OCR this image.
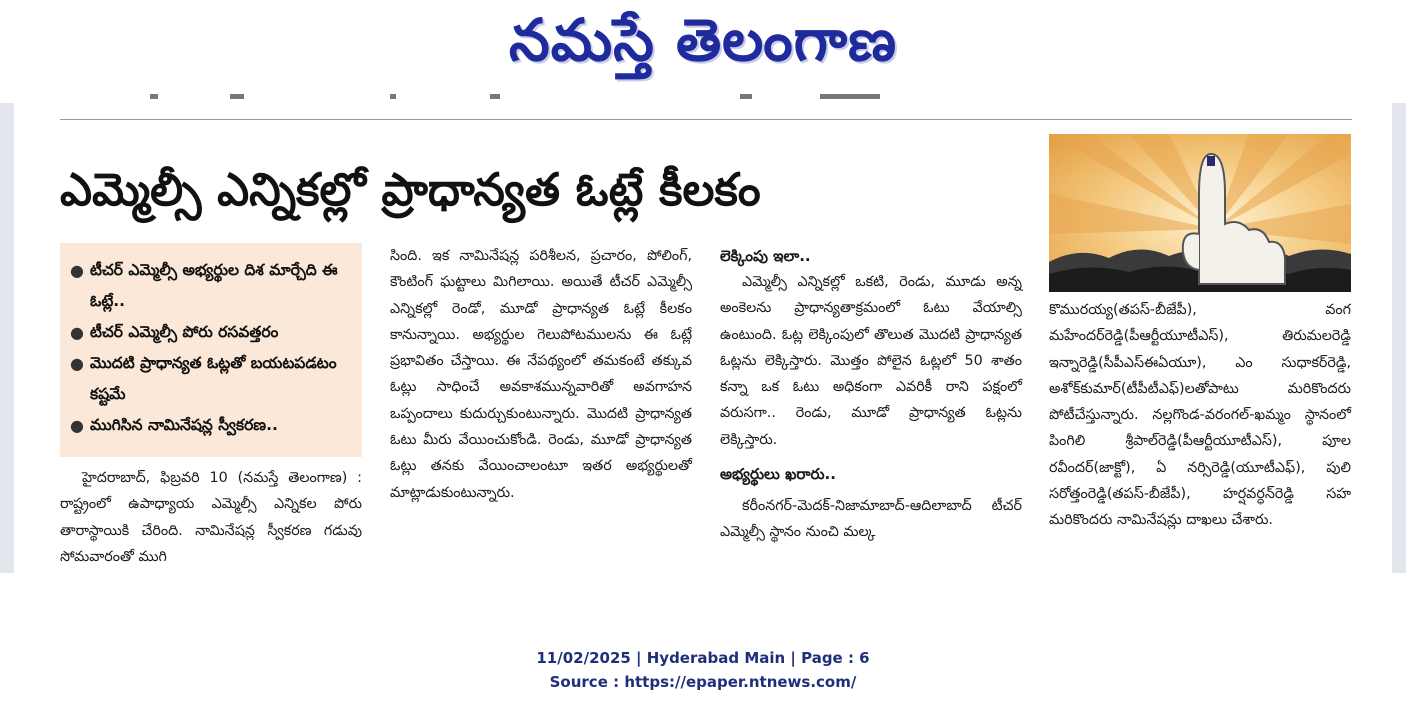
నమస్తే తెలంగాణ
ఎమ్మెల్సీ ఎన్నికల్లో ప్రాధాన్యత ఓట్లే కీలకం
● టీచర్ ఎమ్మెల్సీ అభ్యర్థుల దిశ మార్చేది ఈ ఓట్లే..
● టీచర్ ఎమ్మెల్సీ పోరు రసవత్తరం
● మొదటి ప్రాధాన్యత ఓట్లతో బయటపడటం కష్టమే
● ముగిసిన నామినేషన్ల స్వీకరణ..

హైదరాబాద్, ఫిబ్రవరి 10 (నమస్తే తెలంగాణ) : రాష్ట్రంలో ఉపాధ్యాయ ఎమ్మెల్సీ ఎన్నికల పోరు తారాస్థాయికి చేరింది. నామినేషన్ల స్వీకరణ గడువు సోమవారంతో ముగి

సింది. ఇక నామినేషన్ల పరిశీలన, ప్రచారం, పోలింగ్, కౌంటింగ్ ఘట్టాలు మిగిలాయి. అయితే టీచర్ ఎమ్మెల్సీ ఎన్నికల్లో రెండో, మూడో ప్రాధాన్యత ఓట్లే కీలకం కానున్నాయి. అభ్యర్థుల గెలుపోటములను ఈ ఓట్లే ప్రభావితం చేస్తాయి. ఈ నేపథ్యంలో తమకంటే తక్కువ ఓట్లు సాధించే అవకాశమున్నవారితో అవగాహన ఒప్పందాలు కుదుర్చుకుంటున్నారు. మొదటి ప్రాధాన్యత ఓటు మీరు వేయించుకోండి. రెండు, మూడో ప్రాధాన్యత ఓట్లు తనకు వేయించాలంటూ ఇతర అభ్యర్థులతో మాట్లాడుకుంటున్నారు.

లెక్కింపు ఇలా..

ఎమ్మెల్సీ ఎన్నికల్లో ఒకటి, రెండు, మూడు అన్న అంకెలను ప్రాధాన్యతాక్రమంలో ఓటు వేయాల్సి ఉంటుంది. ఓట్ల లెక్కింపులో తొలుత మొదటి ప్రాధాన్యత ఓట్లను లెక్కిస్తారు. మొత్తం పోలైన ఓట్లలో 50 శాతం కన్నా ఒక ఓటు అధికంగా ఎవరికీ రాని పక్షంలో వరుసగా.. రెండు, మూడో ప్రాధాన్యత ఓట్లను లెక్కిస్తారు.

అభ్యర్థులు ఖరారు..

కరీంనగర్-మెదక్-నిజామాబాద్-ఆదిలాబాద్ టీచర్ ఎమ్మెల్సీ స్థానం నుంచి మల్క

కొమురయ్య(తపస్-బీజేపీ), వంగ మహేందర్‌రెడ్డి(పీఆర్టీయూటీఎస్), తిరుమలరెడ్డి ఇన్నారెడ్డి(సీపీఎస్ఈఏయూ), ఎం సుధాకర్‌రెడ్డి, అశోక్‌కుమార్(టీపీటీఎఫ్)లతోపాటు మరికొందరు పోటీచేస్తున్నారు. నల్లగొండ-వరంగల్-ఖమ్మం స్థానంలో పింగిలి శ్రీపాల్‌రెడ్డి(పీఆర్టీయూటీఎస్), పూల రవీందర్(జాక్టో), ఏ నర్సిరెడ్డి(యూటీఎఫ్), పులి సరోత్తంరెడ్డి(తపస్-బీజేపీ), హర్షవర్ధన్‌రెడ్డి సహ మరికొందరు నామినేషన్లు దాఖలు చేశారు.

11/02/2025 | Hyderabad Main | Page : 6
Source : https://epaper.ntnews.com/
